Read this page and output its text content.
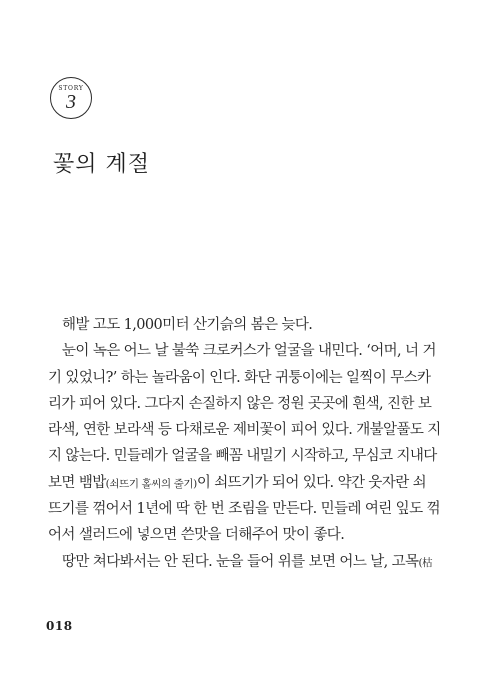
STORY
3
꽃의 계절
해발 고도 1,000미터 산기슭의 봄은 늦다.
눈이 녹은 어느 날 불쑥 크로커스가 얼굴을 내민다. ‘어머, 너 거
기 있었니?’ 하는 놀라움이 인다. 화단 귀퉁이에는 일찍이 무스카
리가 피어 있다. 그다지 손질하지 않은 정원 곳곳에 흰색, 진한 보
라색, 연한 보라색 등 다채로운 제비꽃이 피어 있다. 개불알풀도 지
지 않는다. 민들레가 얼굴을 빼꼼 내밀기 시작하고, 무심코 지내다
보면 뱀밥(쇠뜨기 홀씨의 줄기)이 쇠뜨기가 되어 있다. 약간 웃자란 쇠
뜨기를 꺾어서 1년에 딱 한 번 조림을 만든다. 민들레 여린 잎도 꺾
어서 샐러드에 넣으면 쓴맛을 더해주어 맛이 좋다.
땅만 쳐다봐서는 안 된다. 눈을 들어 위를 보면 어느 날, 고목(枯
018
